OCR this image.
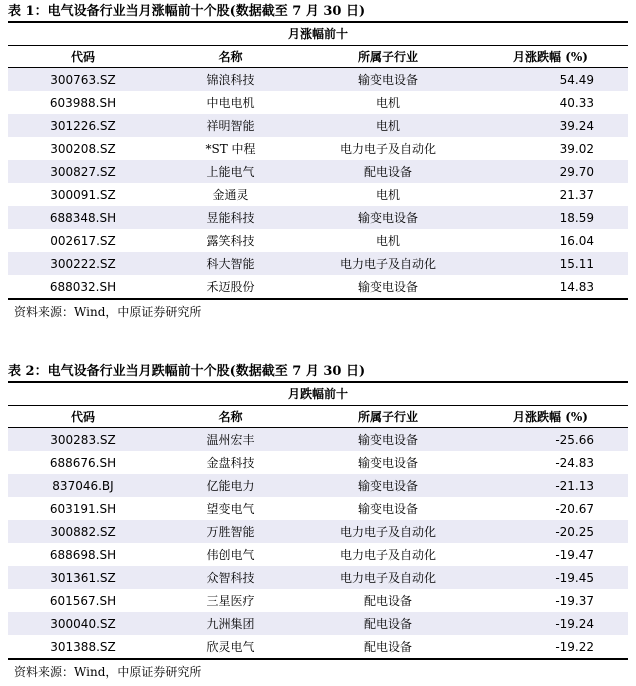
表 1：电气设备行业当月涨幅前十个股(数据截至 7 月 30 日)
月涨幅前十
代码	名称	所属子行业	月涨跌幅 (%)
300763.SZ	锦浪科技	输变电设备	54.49
603988.SH	中电电机	电机	40.33
301226.SZ	祥明智能	电机	39.24
300208.SZ	*ST 中程	电力电子及自动化	39.02
300827.SZ	上能电气	配电设备	29.70
300091.SZ	金通灵	电机	21.37
688348.SH	昱能科技	输变电设备	18.59
002617.SZ	露笑科技	电机	16.04
300222.SZ	科大智能	电力电子及自动化	15.11
688032.SH	禾迈股份	输变电设备	14.83
资料来源：Wind，中原证券研究所
表 2：电气设备行业当月跌幅前十个股(数据截至 7 月 30 日)
月跌幅前十
代码	名称	所属子行业	月涨跌幅 (%)
300283.SZ	温州宏丰	输变电设备	-25.66
688676.SH	金盘科技	输变电设备	-24.83
837046.BJ	亿能电力	输变电设备	-21.13
603191.SH	望变电气	输变电设备	-20.67
300882.SZ	万胜智能	电力电子及自动化	-20.25
688698.SH	伟创电气	电力电子及自动化	-19.47
301361.SZ	众智科技	电力电子及自动化	-19.45
601567.SH	三星医疗	配电设备	-19.37
300040.SZ	九洲集团	配电设备	-19.24
301388.SZ	欣灵电气	配电设备	-19.22
资料来源：Wind，中原证券研究所
